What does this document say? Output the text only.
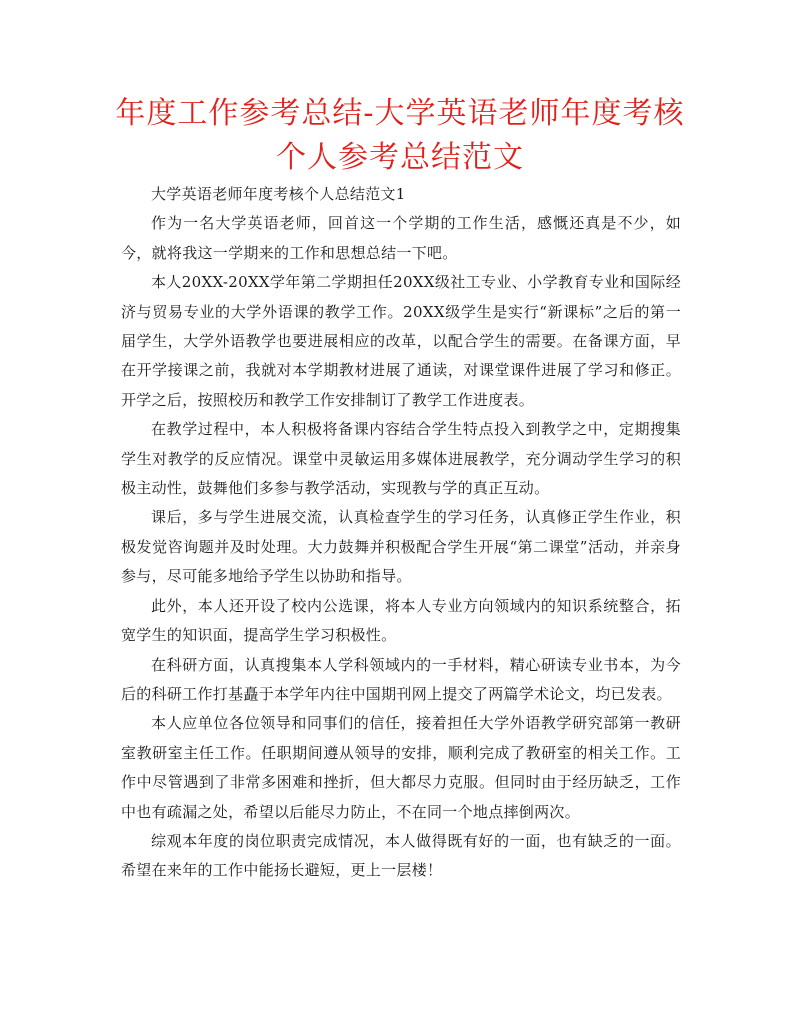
年度工作参考总结-大学英语老师年度考核个人参考总结范文

大学英语老师年度考核个人总结范文1

作为一名大学英语老师，回首这一个学期的工作生活，感慨还真是不少，如今，就将我这一学期来的工作和思想总结一下吧。

本人20XX-20XX学年第二学期担任20XX级社工专业、小学教育专业和国际经济与贸易专业的大学外语课的教学工作。20XX级学生是实行“新课标”之后的第一届学生，大学外语教学也要进展相应的改革，以配合学生的需要。在备课方面，早在开学接课之前，我就对本学期教材进展了通读，对课堂课件进展了学习和修正。开学之后，按照校历和教学工作安排制订了教学工作进度表。

在教学过程中，本人积极将备课内容结合学生特点投入到教学之中，定期搜集学生对教学的反应情况。课堂中灵敏运用多媒体进展教学，充分调动学生学习的积极主动性，鼓舞他们多参与教学活动，实现教与学的真正互动。

课后，多与学生进展交流，认真检查学生的学习任务，认真修正学生作业，积极发觉咨询题并及时处理。大力鼓舞并积极配合学生开展“第二课堂”活动，并亲身参与，尽可能多地给予学生以协助和指导。

此外，本人还开设了校内公选课，将本人专业方向领域内的知识系统整合，拓宽学生的知识面，提高学生学习积极性。

在科研方面，认真搜集本人学科领域内的一手材料，精心研读专业书本，为今后的科研工作打基矗于本学年内往中国期刊网上提交了两篇学术论文，均已发表。

本人应单位各位领导和同事们的信任，接着担任大学外语教学研究部第一教研室教研室主任工作。任职期间遵从领导的安排，顺利完成了教研室的相关工作。工作中尽管遇到了非常多困难和挫折，但大都尽力克服。但同时由于经历缺乏，工作中也有疏漏之处，希望以后能尽力防止，不在同一个地点摔倒两次。

综观本年度的岗位职责完成情况，本人做得既有好的一面，也有缺乏的一面。希望在来年的工作中能扬长避短，更上一层楼！
